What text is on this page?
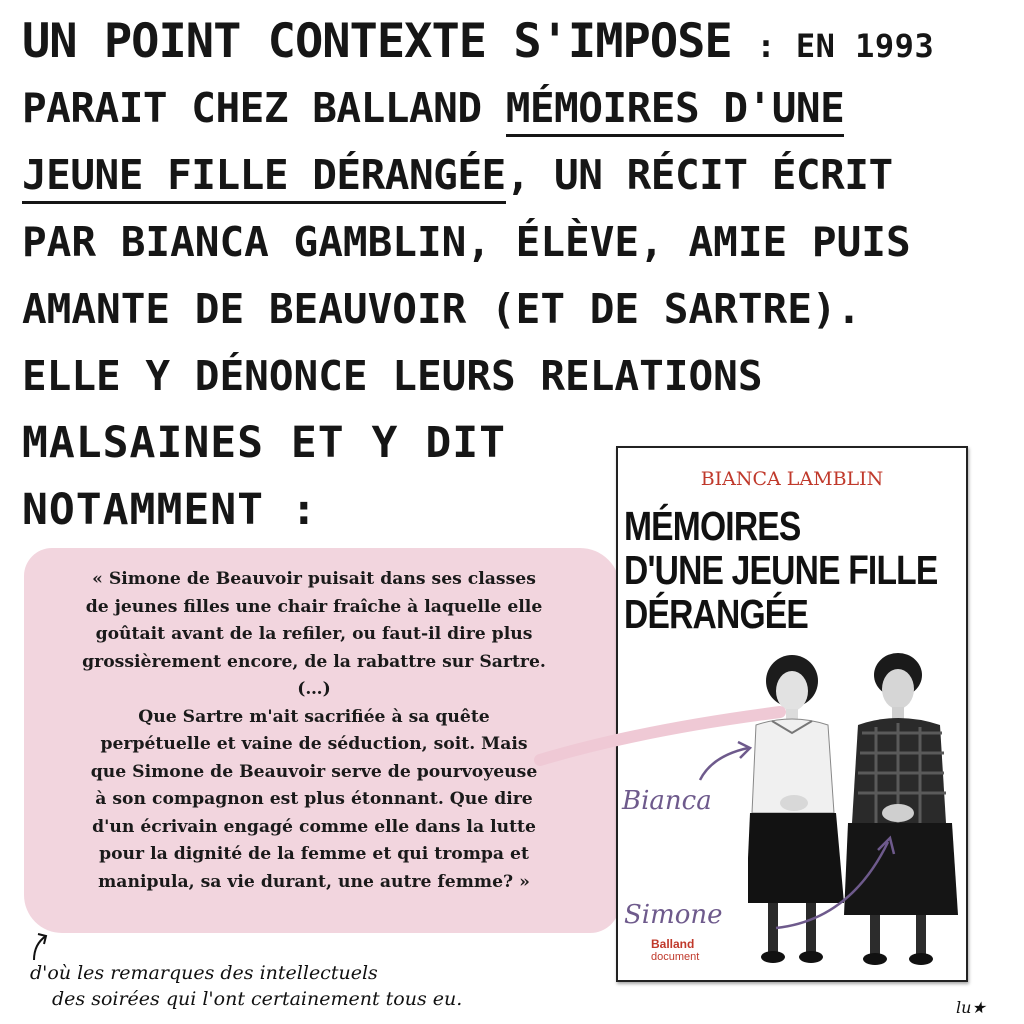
UN POINT CONTEXTE S'IMPOSE : EN 1993
PARAIT CHEZ BALLAND MÉMOIRES D'UNE
JEUNE FILLE DÉRANGÉE, UN RÉCIT ÉCRIT
PAR BIANCA GAMBLIN, ÉLÈVE, AMIE PUIS
AMANTE DE BEAUVOIR (ET DE SARTRE).
ELLE Y DÉNONCE LEURS RELATIONS
MALSAINES ET Y DIT
NOTAMMENT :
« Simone de Beauvoir puisait dans ses classes
de jeunes filles une chair fraîche à laquelle elle
goûtait avant de la refiler, ou faut-il dire plus
grossièrement encore, de la rabattre sur Sartre.
(…)
Que Sartre m'ait sacrifiée à sa quête
perpétuelle et vaine de séduction, soit. Mais
que Simone de Beauvoir serve de pourvoyeuse
à son compagnon est plus étonnant. Que dire
d'un écrivain engagé comme elle dans la lutte
pour la dignité de la femme et qui trompa et
manipula, sa vie durant, une autre femme? »
BIANCA LAMBLIN
MÉMOIRES
D'UNE JEUNE FILLE
DÉRANGÉE
Balland
document
Bianca
Simone
d'où les remarques des intellectuels
des soirées qui l'ont certainement tous eu.	lu★
